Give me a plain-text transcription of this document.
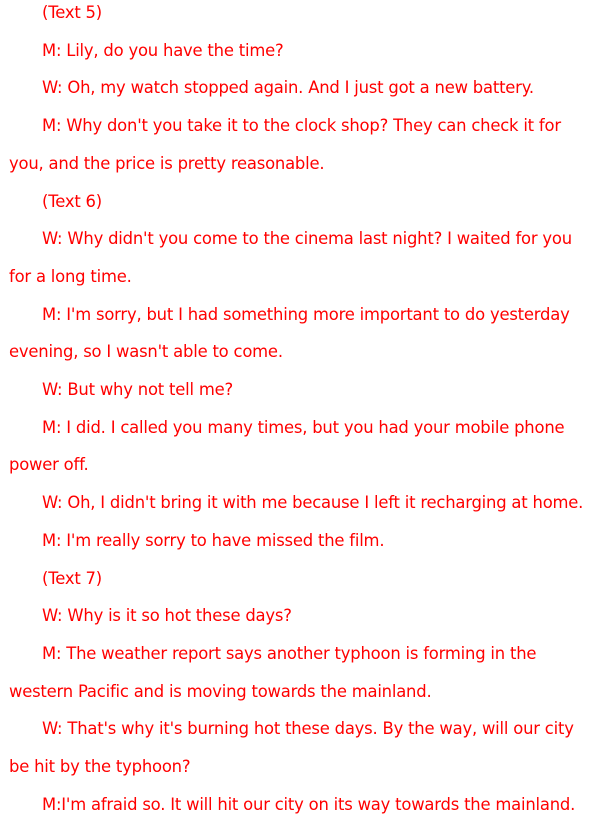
(Text 5)

M: Lily, do you have the time?

W: Oh, my watch stopped again. And I just got a new battery.

M: Why don't you take it to the clock shop? They can check it for you, and the price is pretty reasonable.

(Text 6)

W: Why didn't you come to the cinema last night? I waited for you for a long time.

M: I'm sorry, but I had something more important to do yesterday evening, so I wasn't able to come.

W: But why not tell me?

M: I did. I called you many times, but you had your mobile phone power off.

W: Oh, I didn't bring it with me because I left it recharging at home.

M: I'm really sorry to have missed the film.

(Text 7)

W: Why is it so hot these days?

M: The weather report says another typhoon is forming in the western Pacific and is moving towards the mainland.

W: That's why it's burning hot these days. By the way, will our city be hit by the typhoon?

M:I'm afraid so. It will hit our city on its way towards the mainland.
